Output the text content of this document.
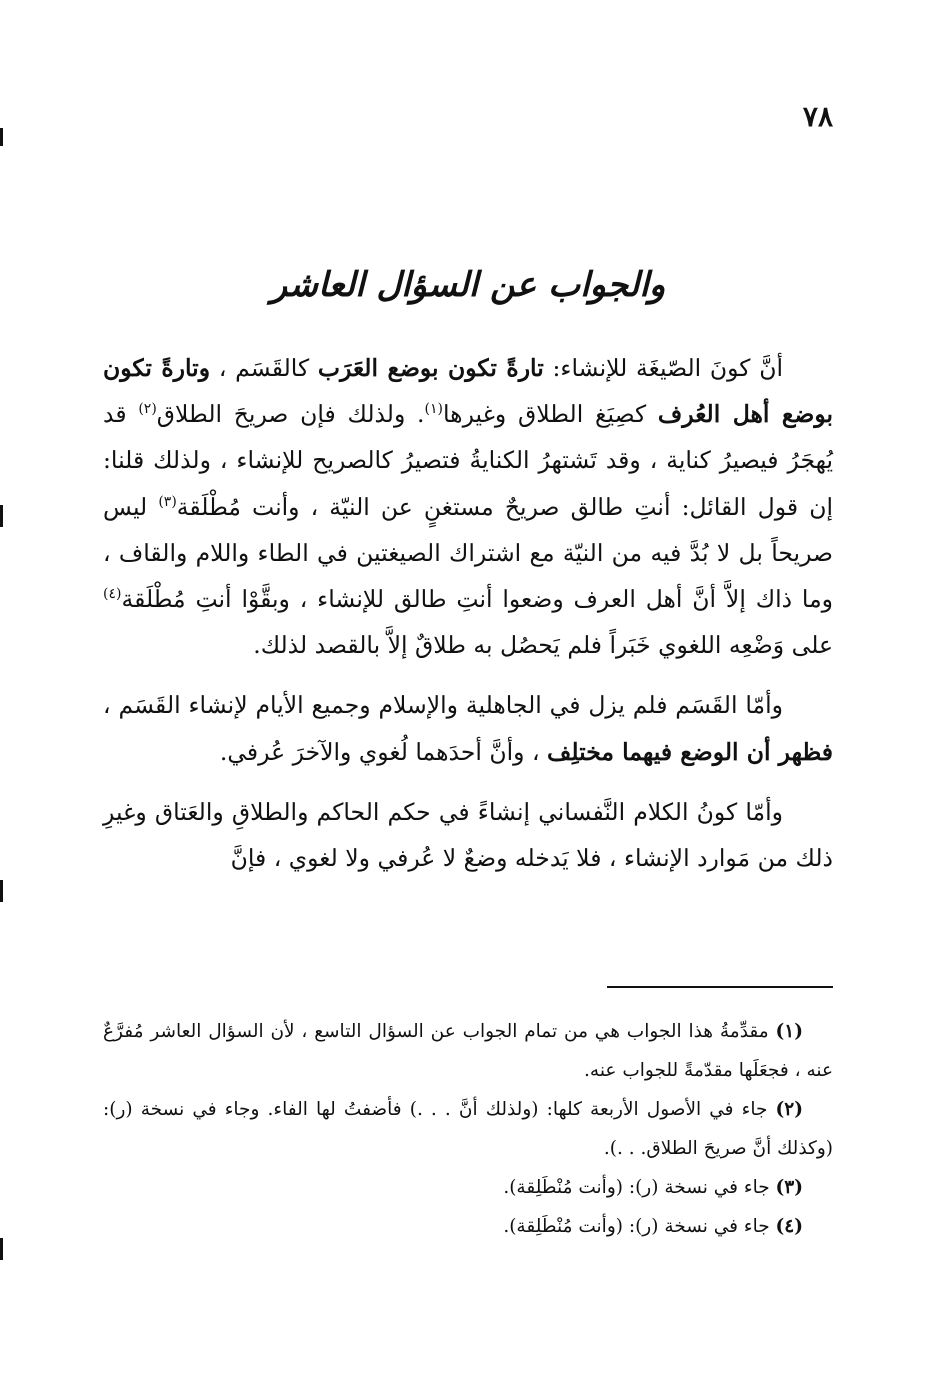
٧٨
والجواب عن السؤال العاشر

أنَّ كونَ الصّيغَة للإنشاء: تارةً تكون بوضع العَرَب كالقَسَم ، وتارةً تكون بوضع أهل العُرف كصِيَغ الطلاق وغيرها$^{(١)}$. ولذلك فإن صريحَ الطلاق$^{(٢)}$ قد يُهجَرُ فيصيرُ كناية ، وقد تَشتهرُ الكنايةُ فتصيرُ كالصريح للإنشاء ، ولذلك قلنا: إن قول القائل: أنتِ طالق صريحٌ مستغنٍ عن النيّة ، وأنت مُطْلَقة$^{(٣)}$ ليس صريحاً بل لا بُدَّ فيه من النيّة مع اشتراك الصيغتين في الطاء واللام والقاف ، وما ذاك إلاَّ أنَّ أهل العرف وضعوا أنتِ طالق للإنشاء ، وبقَّوْا أنتِ مُطْلَقة$^{(٤)}$ على وَضْعِه اللغوي خَبَراً فلم يَحصُل به طلاقٌ إلاَّ بالقصد لذلك.

وأمّا القَسَم فلم يزل في الجاهلية والإسلام وجميع الأيام لإنشاء القَسَم ، فظهر أن الوضع فيهما مختلِف ، وأنَّ أحدَهما لُغوي والآخرَ عُرفي.

وأمّا كونُ الكلام النَّفساني إنشاءً في حكم الحاكم والطلاقِ والعَتاق وغيرِ ذلك من مَوارد الإنشاء ، فلا يَدخله وضعٌ لا عُرفي ولا لغوي ، فإنَّ

(١) مقدِّمةُ هذا الجواب هي من تمام الجواب عن السؤال التاسع ، لأن السؤال العاشر مُفرَّعٌ عنه ، فجعَلَها مقدّمةً للجواب عنه.

(٢) جاء في الأصول الأربعة كلها: (ولذلك أنَّ . . .) فأضفتُ لها الفاء. وجاء في نسخة (ر): (وكذلك أنَّ صريحَ الطلاق. . .).

(٣) جاء في نسخة (ر): (وأنت مُنْطَلِقة).

(٤) جاء في نسخة (ر): (وأنت مُنْطَلِقة).
